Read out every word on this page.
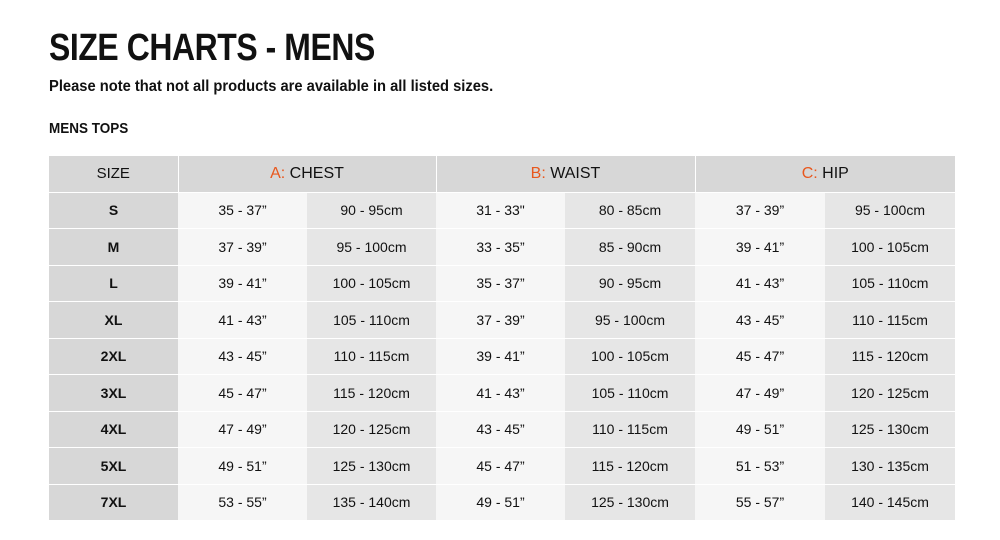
SIZE CHARTS - MENS

Please note that not all products are available in all listed sizes.

MENS TOPS
SIZE	A: CHEST		B: WAIST		C: HIP	
S	35 - 37”	90 - 95cm	31 - 33"	80 - 85cm	37 - 39”	95 - 100cm
M	37 - 39”	95 - 100cm	33 - 35”	85 - 90cm	39 - 41”	100 - 105cm
L	39 - 41”	100 - 105cm	35 - 37”	90 - 95cm	41 - 43”	105 - 110cm
XL	41 - 43”	105 - 110cm	37 - 39”	95 - 100cm	43 - 45”	110 - 115cm
2XL	43 - 45”	110 - 115cm	39 - 41”	100 - 105cm	45 - 47”	115 - 120cm
3XL	45 - 47”	115 - 120cm	41 - 43”	105 - 110cm	47 - 49”	120 - 125cm
4XL	47 - 49”	120 - 125cm	43 - 45”	110 - 115cm	49 - 51”	125 - 130cm
5XL	49 - 51”	125 - 130cm	45 - 47”	115 - 120cm	51 - 53”	130 - 135cm
7XL	53 - 55”	135 - 140cm	49 - 51”	125 - 130cm	55 - 57”	140 - 145cm
